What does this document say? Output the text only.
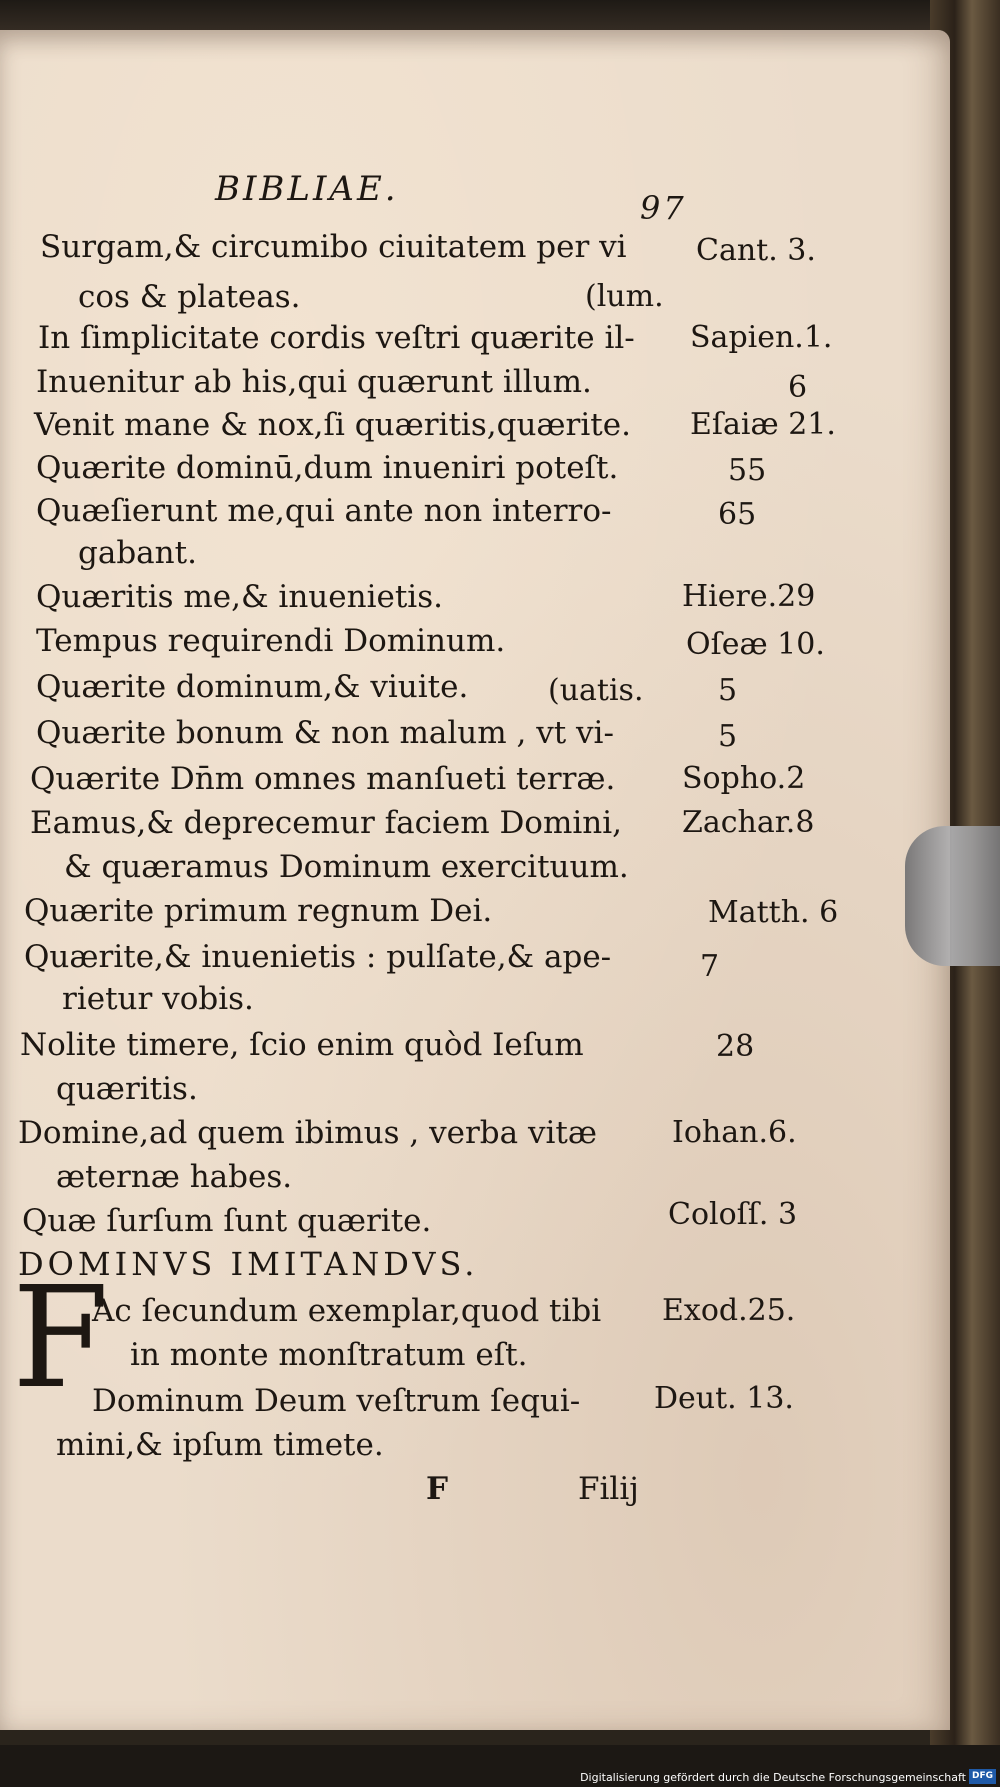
BIBLIAE.	97
Surgam,& circumibo ciuitatem per vi Cant. 3.
cos & plateas.	(lum.
In ſimplicitate cordis veſtri quærite il- Sapien.1.
Inuenitur ab his,qui quærunt illum.	6
Venit mane & nox,ſi quæritis,quærite. Eſaiæ 21.
Quærite dominū,dum inueniri poteſt.	55
Quæſierunt me,qui ante non interro-	65
gabant.
Quæritis me,& inuenietis.	Hiere.29
Tempus requirendi Dominum.	Oſeæ 10.
Quærite dominum,& viuite.	(uatis. 5
Quærite bonum & non malum , vt vi-	5
Quærite Dn̄m omnes manſueti terræ. Sopho.2
Eamus,& deprecemur faciem Domini, Zachar.8
& quæramus Dominum exercituum.
Quærite primum regnum Dei.	Matth. 6
Quærite,& inuenietis : pulſate,& ape-	7
rietur vobis.
Nolite timere, ſcio enim quòd Ieſum	28
quæritis.
Domine,ad quem ibimus , verba vitæ	Iohan.6.
æternæ habes.
Quæ ſurſum ſunt quærite.	Coloſſ. 3
DOMINVS IMITANDVS.
F
Ac ſecundum exemplar,quod tibi Exod.25.
in monte monſtratum eſt.
Dominum Deum veſtrum ſequi- Deut. 13.
mini,& ipſum timete.
F	Filij
Digitalisierung gefördert durch die Deutsche Forschungsgemeinschaft DFG
